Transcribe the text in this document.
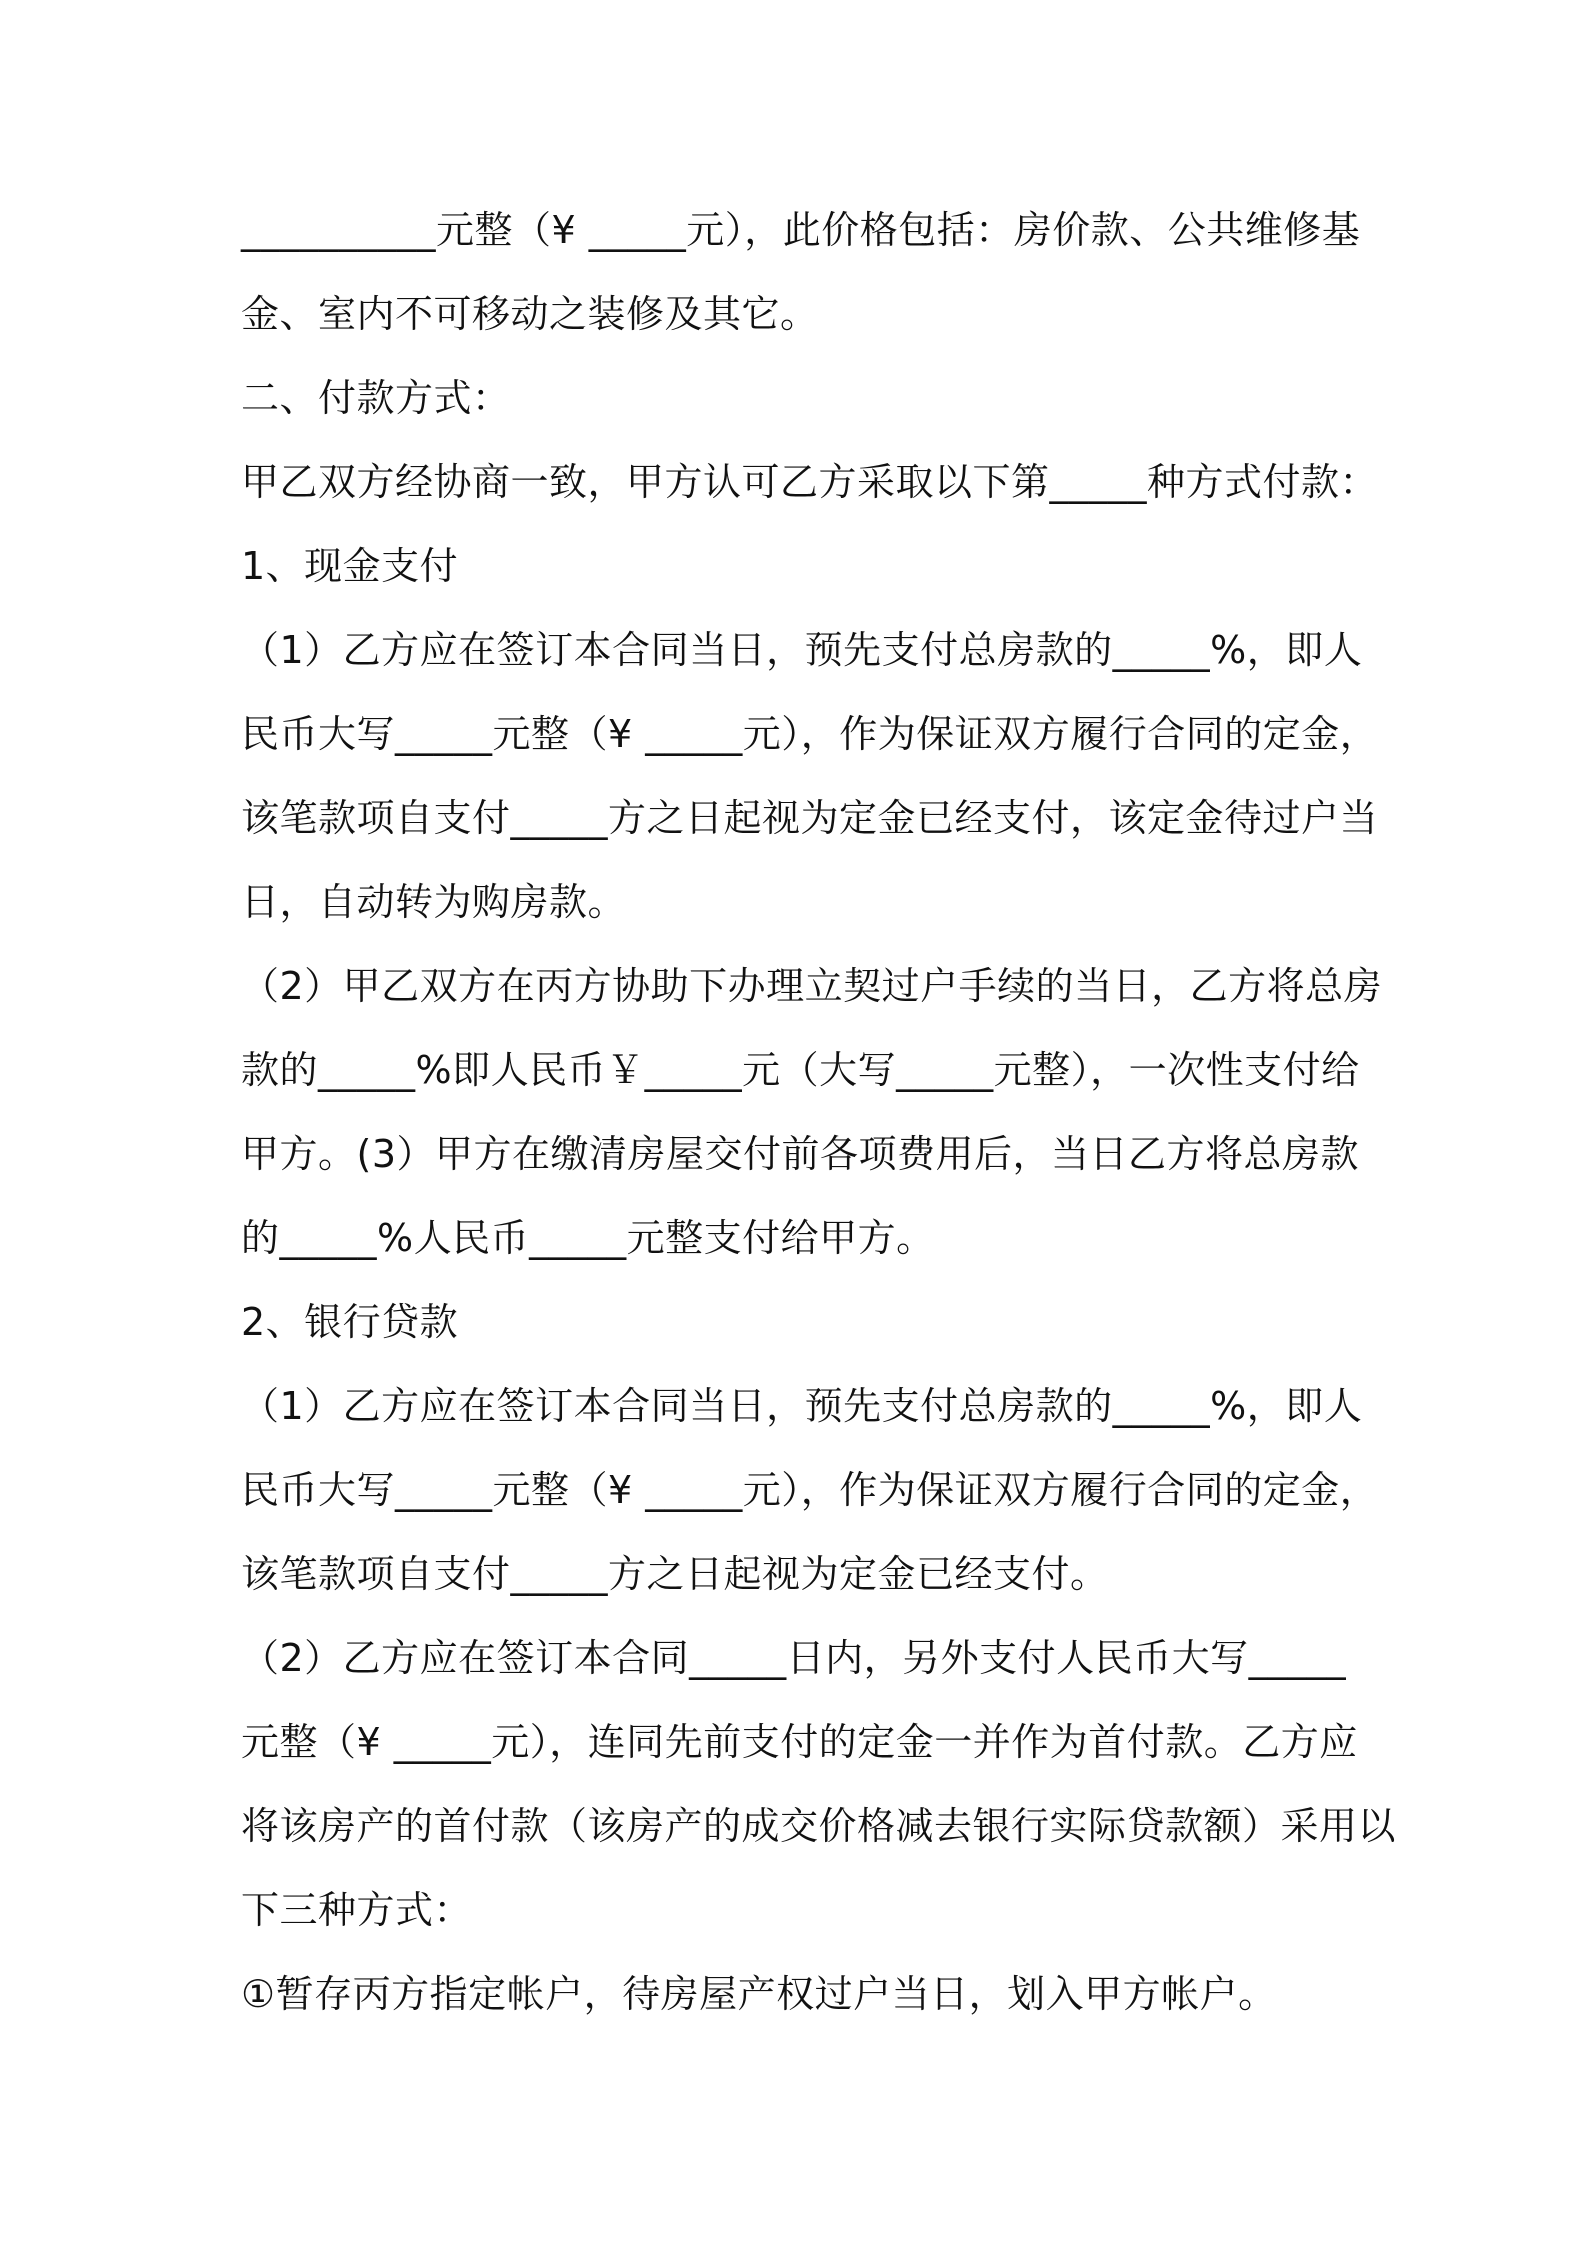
__________元整（¥ _____元），此价格包括：房价款、公共维修基
金、室内不可移动之装修及其它。
二、付款方式：
甲乙双方经协商一致，甲方认可乙方采取以下第_____种方式付款：
1、现金支付
（1）乙方应在签订本合同当日，预先支付总房款的_____%，即人
民币大写_____元整（¥ _____元），作为保证双方履行合同的定金，
该笔款项自支付_____方之日起视为定金已经支付，该定金待过户当
日，自动转为购房款。
（2）甲乙双方在丙方协助下办理立契过户手续的当日，乙方将总房
款的_____%即人民币￥_____元（大写_____元整），一次性支付给
甲方。(3）甲方在缴清房屋交付前各项费用后，当日乙方将总房款
的_____%人民币_____元整支付给甲方。
2、银行贷款
（1）乙方应在签订本合同当日，预先支付总房款的_____%，即人
民币大写_____元整（¥ _____元），作为保证双方履行合同的定金，
该笔款项自支付_____方之日起视为定金已经支付。
（2）乙方应在签订本合同_____日内，另外支付人民币大写_____
元整（¥ _____元），连同先前支付的定金一并作为首付款。乙方应
将该房产的首付款（该房产的成交价格减去银行实际贷款额）采用以
下三种方式：
①暂存丙方指定帐户，待房屋产权过户当日，划入甲方帐户。
